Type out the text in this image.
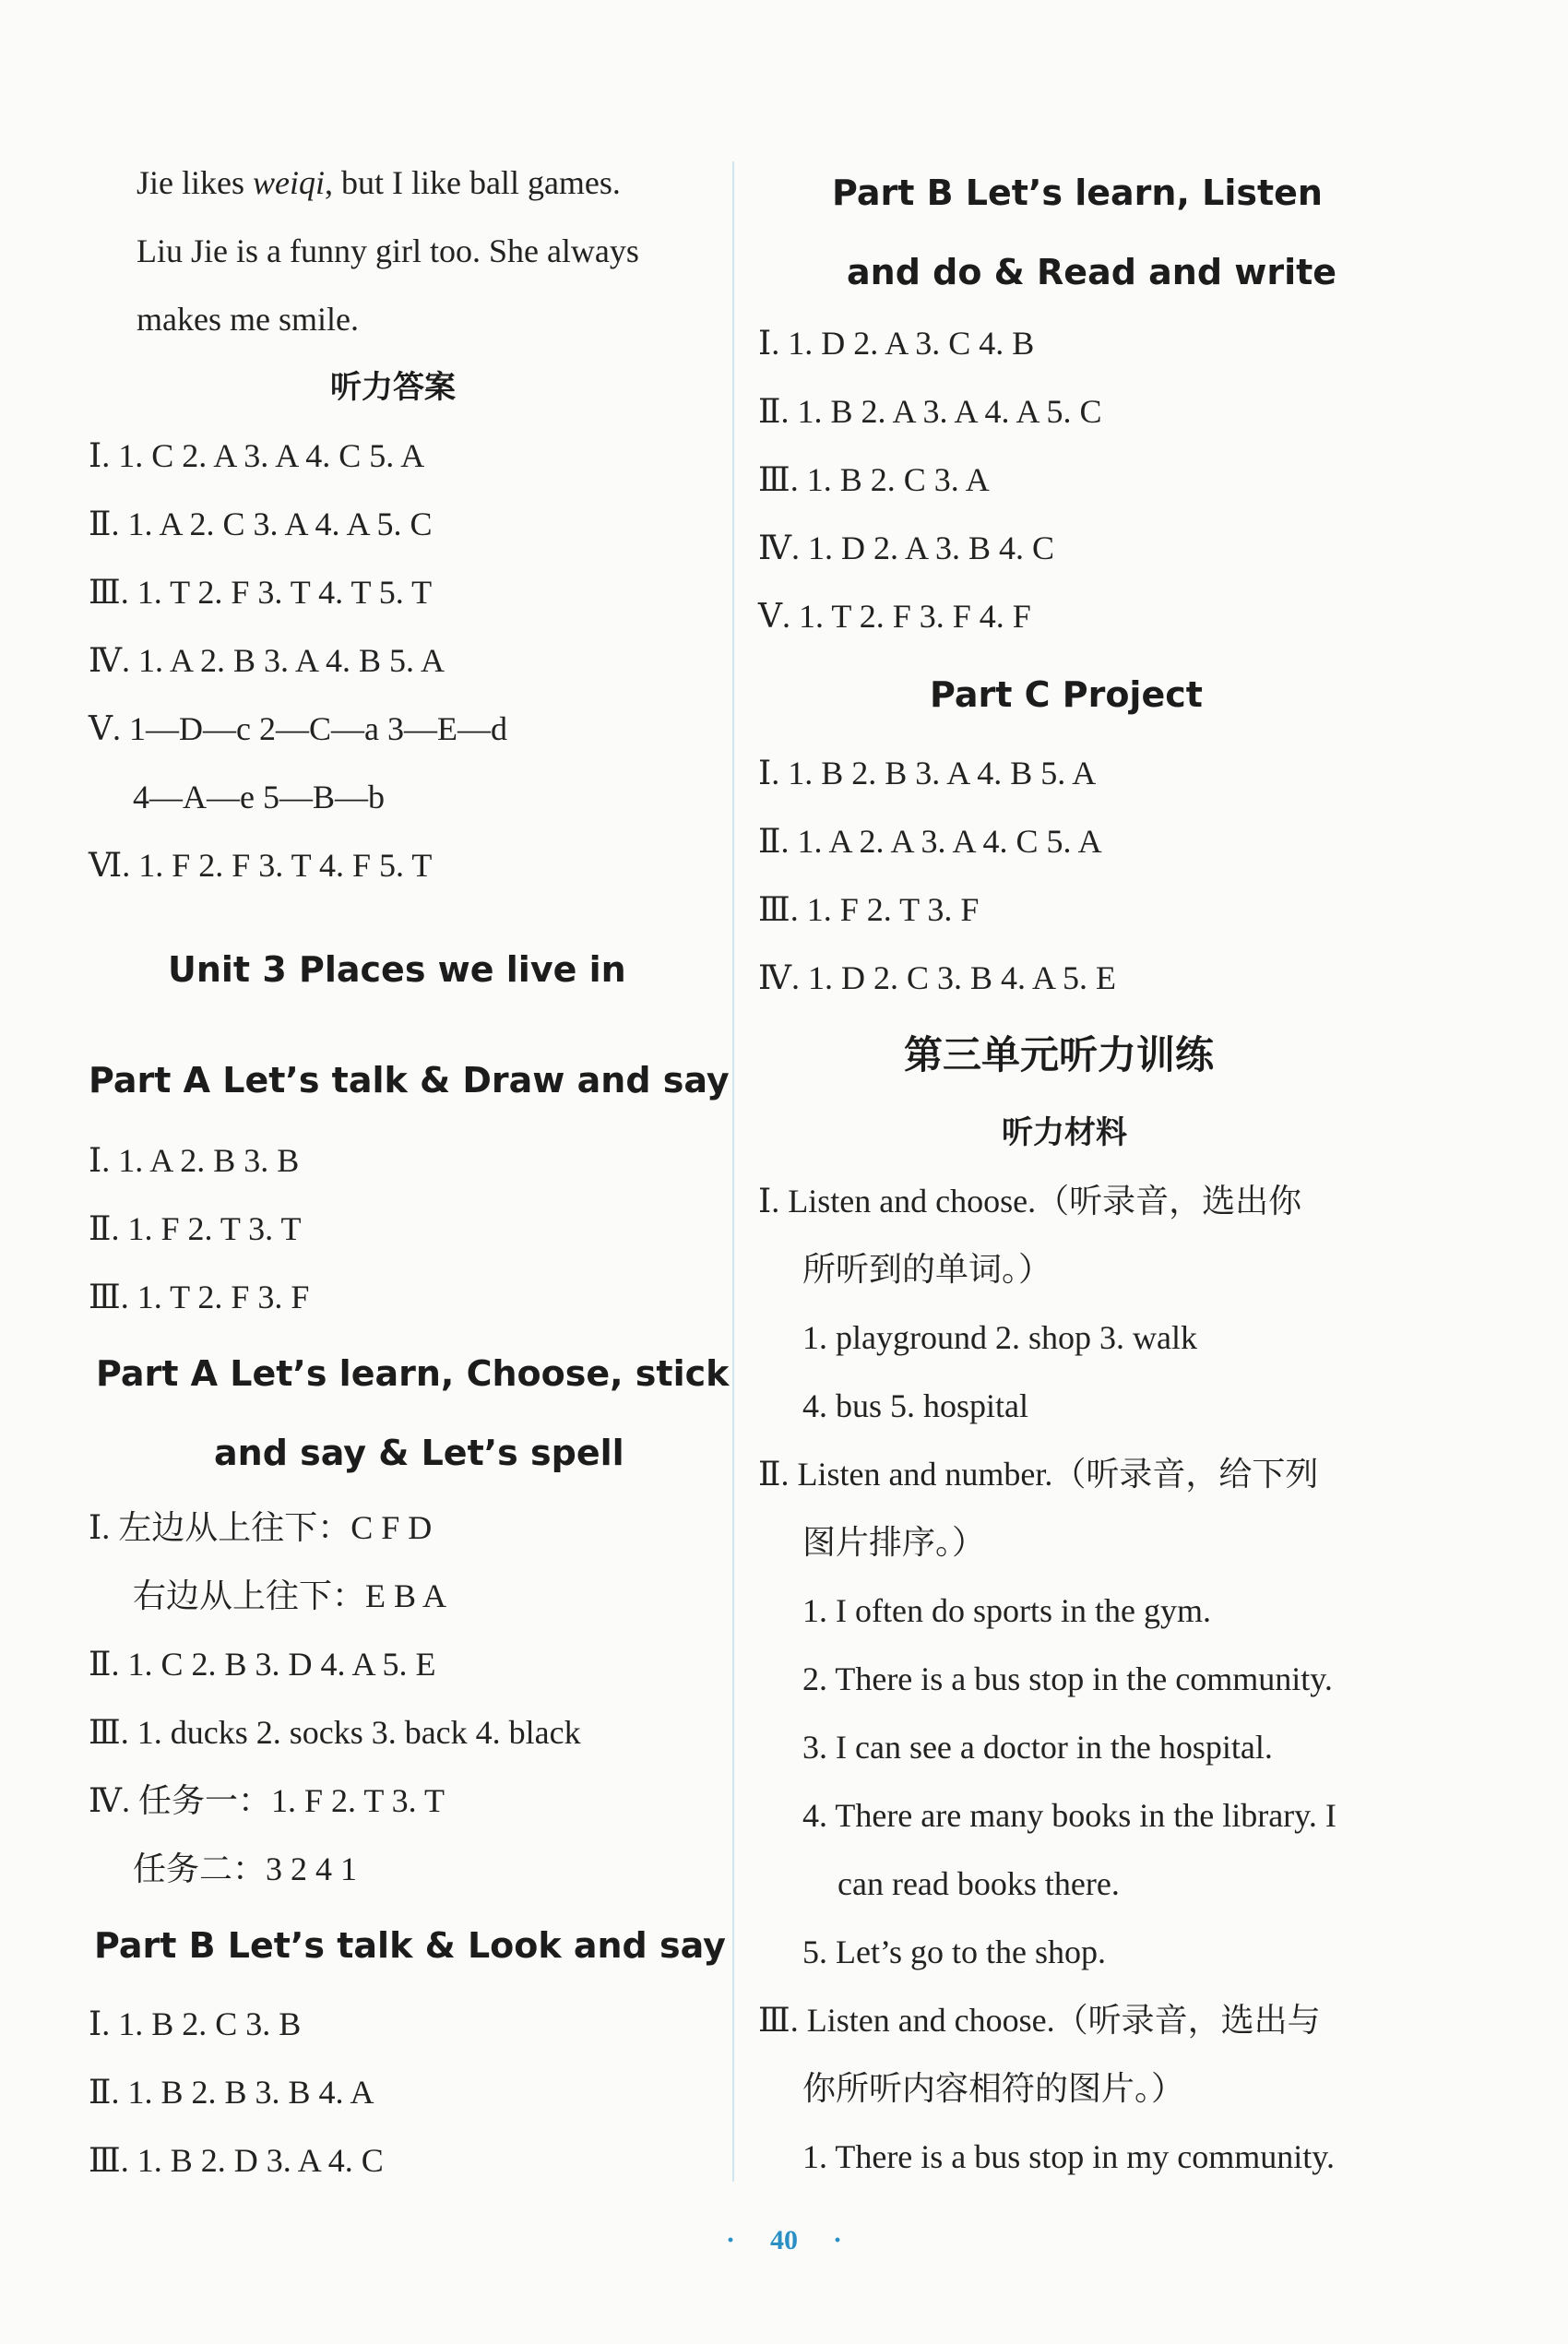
Jie likes weiqi, but I like ball games.
Liu Jie is a funny girl too. She always
makes me smile.
听力答案
Ⅰ. 1. C 2. A 3. A 4. C 5. A
Ⅱ. 1. A 2. C 3. A 4. A 5. C
Ⅲ. 1. T 2. F 3. T 4. T 5. T
Ⅳ. 1. A 2. B 3. A 4. B 5. A
Ⅴ. 1—D—c 2—C—a 3—E—d
4—A—e 5—B—b
Ⅵ. 1. F 2. F 3. T 4. F 5. T
Unit 3 Places we live in
Part A Let’s talk & Draw and say
Ⅰ. 1. A 2. B 3. B
Ⅱ. 1. F 2. T 3. T
Ⅲ. 1. T 2. F 3. F
Part A Let’s learn, Choose, stick
and say & Let’s spell
Ⅰ. 左边从上往下：C F D
右边从上往下：E B A
Ⅱ. 1. C 2. B 3. D 4. A 5. E
Ⅲ. 1. ducks 2. socks 3. back 4. black
Ⅳ. 任务一：1. F 2. T 3. T
任务二：3 2 4 1
Part B Let’s talk & Look and say
Ⅰ. 1. B 2. C 3. B
Ⅱ. 1. B 2. B 3. B 4. A
Ⅲ. 1. B 2. D 3. A 4. C
Part B Let’s learn, Listen
and do & Read and write
Ⅰ. 1. D 2. A 3. C 4. B
Ⅱ. 1. B 2. A 3. A 4. A 5. C
Ⅲ. 1. B 2. C 3. A
Ⅳ. 1. D 2. A 3. B 4. C
Ⅴ. 1. T 2. F 3. F 4. F
Part C Project
Ⅰ. 1. B 2. B 3. A 4. B 5. A
Ⅱ. 1. A 2. A 3. A 4. C 5. A
Ⅲ. 1. F 2. T 3. F
Ⅳ. 1. D 2. C 3. B 4. A 5. E
第三单元听力训练
听力材料
Ⅰ. Listen and choose.（听录音，选出你
所听到的单词。）
1. playground 2. shop 3. walk
4. bus 5. hospital
Ⅱ. Listen and number.（听录音，给下列
图片排序。）
1. I often do sports in the gym.
2. There is a bus stop in the community.
3. I can see a doctor in the hospital.
4. There are many books in the library. I
can read books there.
5. Let’s go to the shop.
Ⅲ. Listen and choose.（听录音，选出与
你所听内容相符的图片。）
1. There is a bus stop in my community.
· 40 ·
